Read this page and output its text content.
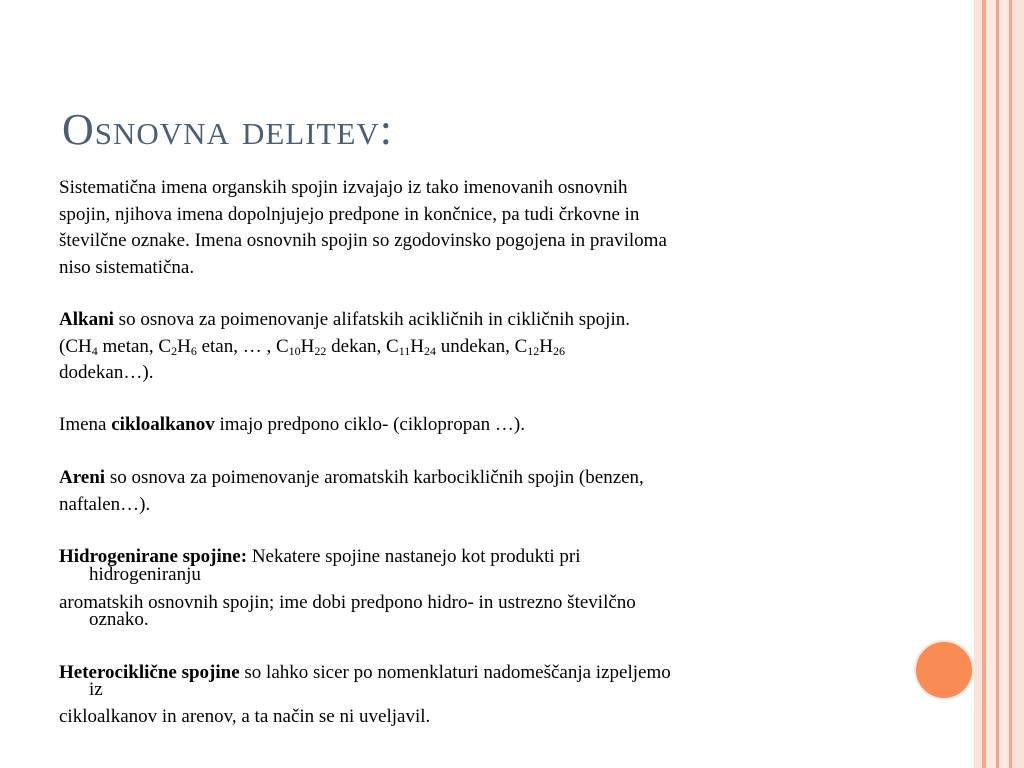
Osnovna delitev:
Sistematična imena organskih spojin izvajajo iz tako imenovanih osnovnih
spojin, njihova imena dopolnjujejo predpone in končnice, pa tudi črkovne in
številčne oznake. Imena osnovnih spojin so zgodovinsko pogojena in praviloma
niso sistematična.
Alkani so osnova za poimenovanje alifatskih acikličnih in cikličnih spojin.
($CH_4$ metan, $C_2H_6$ etan, … , $C_{10}H_{22}$ dekan, $C_{11}H_{24}$ undekan, $C_{12}H_{26}$
dodekan…).
Imena cikloalkanov imajo predpono ciklo- (ciklopropan …).
Areni so osnova za poimenovanje aromatskih karbocikličnih spojin (benzen,
naftalen…).
Hidrogenirane spojine: Nekatere spojine nastanejo kot produkti pri
hidrogeniranju
aromatskih osnovnih spojin; ime dobi predpono hidro- in ustrezno številčno
oznako.
Heterociklične spojine so lahko sicer po nomenklaturi nadomeščanja izpeljemo
iz
cikloalkanov in arenov, a ta način se ni uveljavil.
